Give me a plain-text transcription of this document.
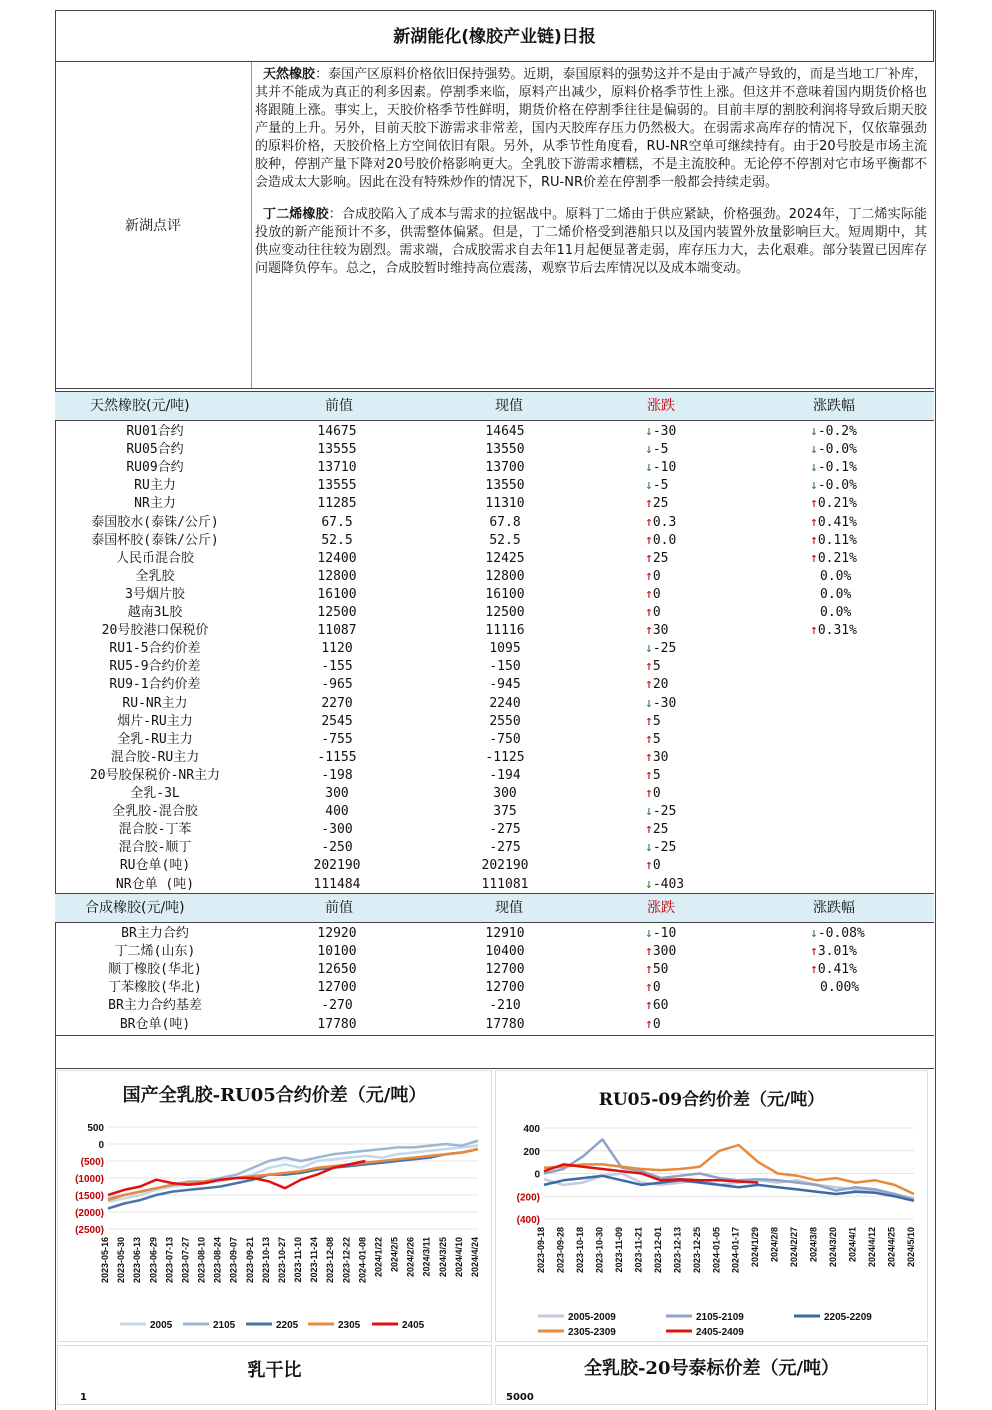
新湖能化(橡胶产业链)日报
新湖点评

天然橡胶：泰国产区原料价格依旧保持强势。近期，泰国原料的强势这并不是由于减产导致的，而是当地工厂补库，其并不能成为真正的利多因素。停割季来临，原料产出减少，原料价格季节性上涨。但这并不意味着国内期货价格也将跟随上涨。事实上，天胶价格季节性鲜明，期货价格在停割季往往是偏弱的。目前丰厚的割胶利润将导致后期天胶产量的上升。另外，目前天胶下游需求非常差，国内天胶库存压力仍然极大。在弱需求高库存的情况下，仅依靠强劲的原料价格，天胶价格上方空间依旧有限。另外，从季节性角度看，RU-NR空单可继续持有。由于20号胶是市场主流胶种，停割产量下降对20号胶价格影响更大。全乳胶下游需求糟糕，不是主流胶种。无论停不停割对它市场平衡都不会造成太大影响。因此在没有特殊炒作的情况下，RU-NR价差在停割季一般都会持续走弱。

丁二烯橡胶：合成胶陷入了成本与需求的拉锯战中。原料丁二烯由于供应紧缺，价格强劲。2024年，丁二烯实际能投放的新产能预计不多，供需整体偏紧。但是，丁二烯价格受到港船只以及国内装置外放量影响巨大。短周期中，其供应变动往往较为剧烈。需求端，合成胶需求自去年11月起便显著走弱，库存压力大，去化艰难。部分装置已因库存问题降负停车。总之，合成胶暂时维持高位震荡，观察节后去库情况以及成本端变动。

天然橡胶(元/吨)	前值	现值	涨跌	涨跌幅
RU01合约	14675	14645	↓-30	↓-0.2%
RU05合约	13555	13550	↓-5	↓-0.0%
RU09合约	13710	13700	↓-10	↓-0.1%
RU主力	13555	13550	↓-5	↓-0.0%
NR主力	11285	11310	↑25	↑0.21%
泰国胶水(泰铢/公斤)	67.5	67.8	↑0.3	↑0.41%
泰国杯胶(泰铢/公斤)	52.5	52.5	↑0.0	↑0.11%
人民币混合胶	12400	12425	↑25	↑0.21%
全乳胶	12800	12800	↑0	0.0%
3号烟片胶	16100	16100	↑0	0.0%
越南3L胶	12500	12500	↑0	0.0%
20号胶港口保税价	11087	11116	↑30	↑0.31%
RU1-5合约价差	1120	1095	↓-25
RU5-9合约价差	-155	-150	↑5
RU9-1合约价差	-965	-945	↑20
RU-NR主力	2270	2240	↓-30
烟片-RU主力	2545	2550	↑5
全乳-RU主力	-755	-750	↑5
混合胶-RU主力	-1155	-1125	↑30
20号胶保税价-NR主力	-198	-194	↑5
全乳-3L	300	300	↑0
全乳胶-混合胶	400	375	↓-25
混合胶-丁苯	-300	-275	↑25
混合胶-顺丁	-250	-275	↓-25
RU仓单(吨)	202190	202190	↑0
NR仓单 (吨)	111484	111081	↓-403
合成橡胶(元/吨)	前值	现值	涨跌	涨跌幅
BR主力合约	12920	12910	↓-10	↓-0.08%
丁二烯(山东)	10100	10400	↑300	↑3.01%
顺丁橡胶(华北)	12650	12700	↑50	↑0.41%
丁苯橡胶(华北)	12700	12700	↑0	0.00%
BR主力合约基差	-270	-210	↑60
BR仓单(吨)	17780	17780	↑0
国产全乳胶-RU05合约价差（元/吨）
500
0
(500)
(1000)
(1500)
(2000)
(2500)
2023-05-16 2023-05-30 2023-06-13 2023-06-29 2023-07-13 2023-07-27 2023-08-10 2023-08-24 2023-09-07 2023-09-21 2023-10-13 2023-10-27 2023-11-10 2023-11-24 2023-12-08 2023-12-22 2024-01-08 2024/1/22 2024/2/5 2024/2/26 2024/3/11 2024/3/25 2024/4/10 2024/4/24
2005	2105	2205	2305	2405
RU05-09合约价差（元/吨）
400
200
0
(200)
(400)
2023-09-18 2023-09-28 2023-10-18 2023-10-30 2023-11-09 2023-11-21 2023-12-01 2023-12-13 2023-12-25 2024-01-05 2024-01-17 2024/1/29 2024/2/8 2024/2/27 2024/3/8 2024/3/20 2024/4/1 2024/4/12 2024/4/25 2024/5/10
2005-2009	2105-2109	2205-2209
2305-2309	2405-2409
乳干比
1
全乳胶-20号泰标价差（元/吨）
5000
